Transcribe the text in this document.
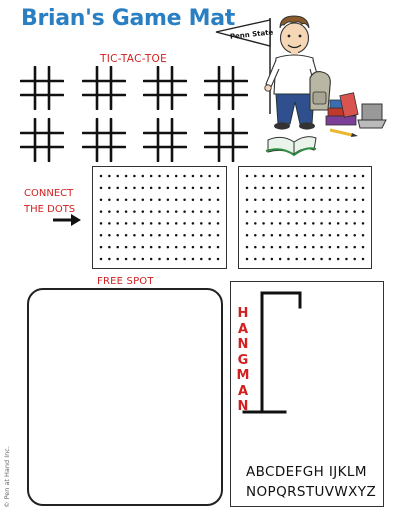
Brian's Game Mat
TIC-TAC-TOE
Penn State
CONNECT
THE DOTS
FREE SPOT
H
A
N
G
M
A
N
ABCDEFGH IJKLM
NOPQRSTUVWXYZ
© Pen at Hand Inc.
